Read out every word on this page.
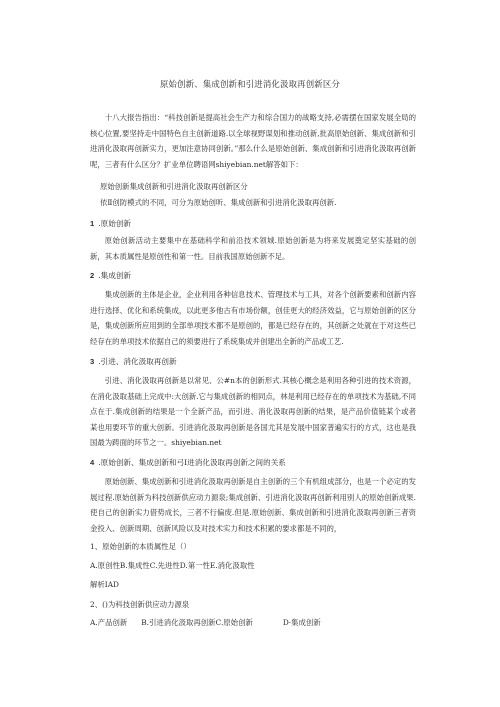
原始创新、集成创新和引进消化汲取再创新区分
十八大报告指出：“科技创新是提高社会生产力和综合国力的战略支持,必需摆在国家发展全局的核心位置,要坚持走中国特色自主创新道路.以全球视野谋划和推动创新,批高原始创新、集成创新和引进消化汲取再创新实力，更加注意协同创新。”那么什么是原始创新、集成创新和引进消化汲取再创新呢，三者有什么区分？扩业单位聘语网shiyebian.net解答如下：
原始创新集成创新和引进消化汲取再创新区分
依Ⅱ创防模式的不同，可分为原始创听、集成创新和引进消化汲取再创新.
1 .原始创新
原始创新活动主要集中在基础科学和前沿技术领城.原始创新是为将来发展奠定坚实基础的创新，其本质属性是原创性和第一性。目前我国原始创新不足。
2 .集成创新
集成创新的主体是企业，企业利用各种信息技术、管理技术与工具，对各个创新要素和创新内容进行选择、优化和系统集成，以此更多他古有市场份额，创佳更大的经济效益，它与原始创新的区分是，集成创新所应用到的全部单项技术都不是原创的，都是已经存在的，其创新之处就在于对这些已经存在的单项技术依据自己的须要进行了系统集成并创建出全新的产品或工艺.
3 .引进、消化汲取再创新
引进、消化汲取再创新是以常见、公#n本的创新形式.其核心概念是利用各种引进的技术资源，在消化汲取基础上完成中:大创新.它与集成创新的相同点，林是利用已经存在的单项技术为基础,不同点在于.集成创新的结果是一个全新产品，而引进、消化汲取再创新的结果，是产品价值链某个或者某也用要环节的重大创新。引进消化汲取再创新是各国尤其是发展中国家普遍实行的方式，这也是我国最为踌面的环节之一。shiyebian.net
4 .原始创新、集成创新和弓Ⅰ进消化汲取再创新之间的关系
原始创新、集成创新和引进消化汲取再创新是自主创新的三个有机组成部分，也是一个必定的发展过程.原始创新为科技创新供应动力源泉;集成创新、引进消化汲取再创新利用别人的原始创新成果.使自己的创新实力借势成长，三者不行偏废.但是.原始创新、集成创新和引进消化汲取再创新三者资金投入、创新周期、创新风险以及对技术实力和技术积累的要求都是不同的，
1、原始创新的本质属性足（）
A.原创性B.集成性C.先进性D.第一性E.消化汲取性
解析IAD
2、()为科技创新供应动力源泉
A.产品创新 B.引进消化汲取再创新C.原始创新	D·集成创新
